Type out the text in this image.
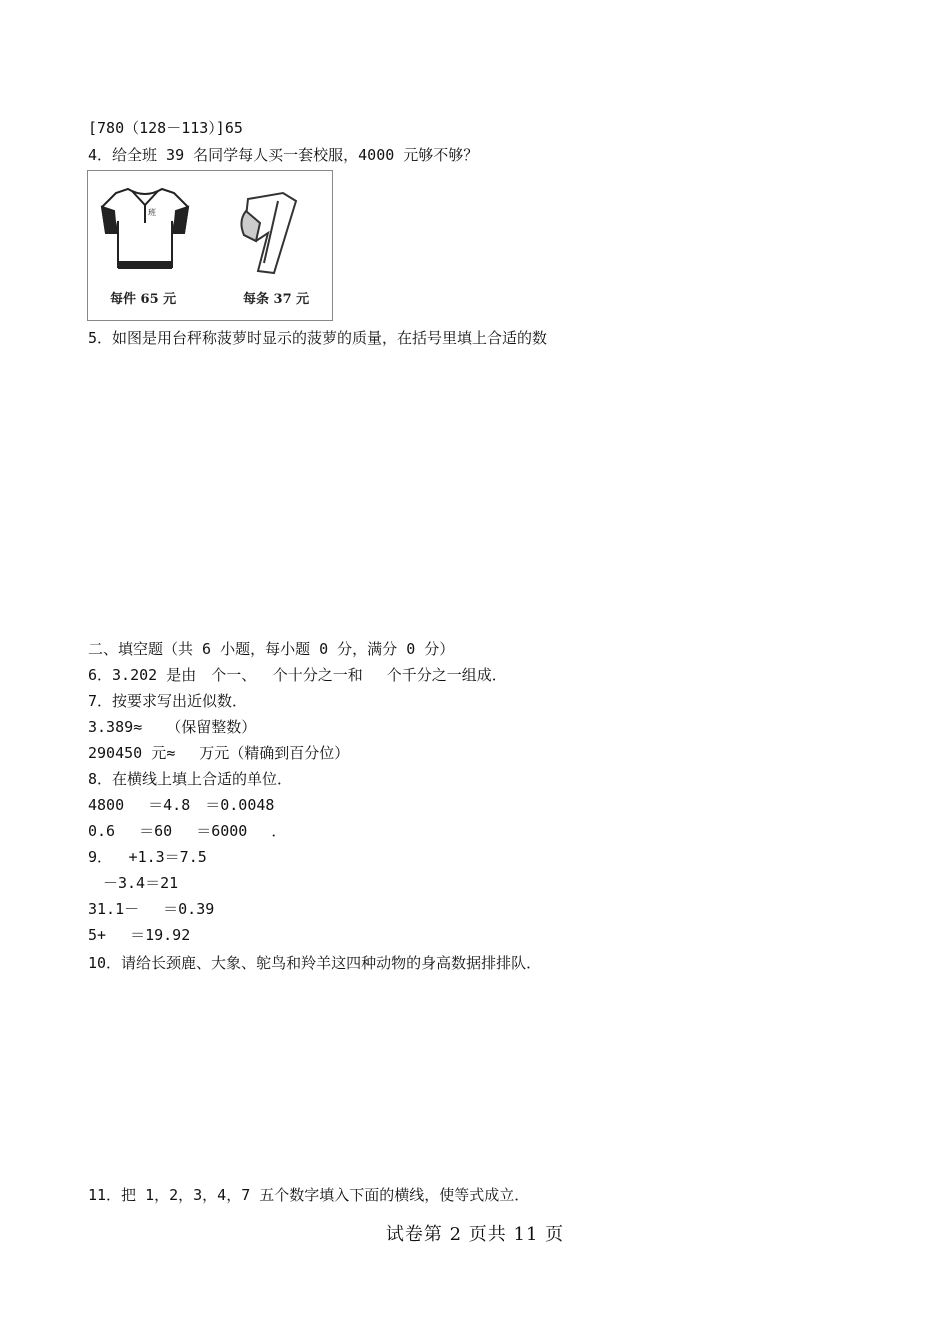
[780（128－113）]65
4．给全班 39 名同学每人买一套校服，4000 元够不够？
班
每件 65 元	每条 37 元
5．如图是用台秤称菠萝时显示的菠萝的质量，在括号里填上合适的数
二、填空题（共 6 小题，每小题 0 分，满分 0 分）
6．3.202 是由　个一、　 个十分之一和　 个千分之一组成．
7．按要求写出近似数．
3.389≈　 （保留整数）
290450 元≈　 万元（精确到百分位）
8．在横线上填上合适的单位．
4800　 ＝4.8　＝0.0048
0.6　 ＝60　 ＝6000　 ．
9．　 +1.3＝7.5
　－3.4＝21
31.1－　 ＝0.39
5+　 ＝19.92
10．请给长颈鹿、大象、鸵鸟和羚羊这四种动物的身高数据排排队．
11．把 1，2，3，4，7 五个数字填入下面的横线，使等式成立．
试卷第 2 页共 11 页
